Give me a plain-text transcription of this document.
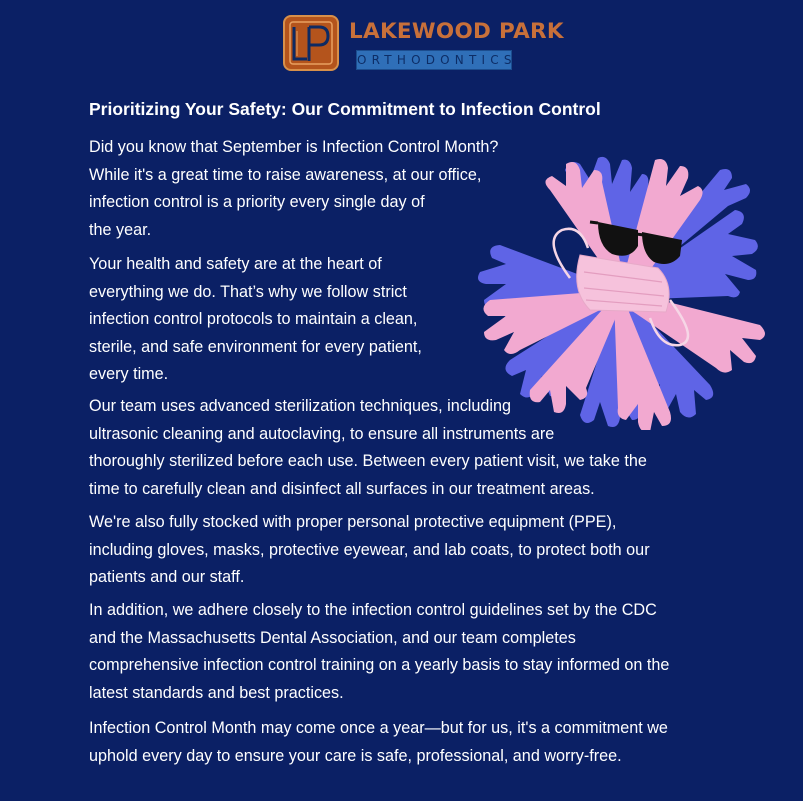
LAKEWOOD PARK
ORTHODONTICS
Prioritizing Your Safety: Our Commitment to Infection Control
Did you know that September is Infection Control Month?
While it's a great time to raise awareness, at our office,
infection control is a priority every single day of
the year.
Your health and safety are at the heart of
everything we do. That’s why we follow strict
infection control protocols to maintain a clean,
sterile, and safe environment for every patient,
every time.
Our team uses advanced sterilization techniques, including
ultrasonic cleaning and autoclaving, to ensure all instruments are
thoroughly sterilized before each use. Between every patient visit, we take the
time to carefully clean and disinfect all surfaces in our treatment areas.
We're also fully stocked with proper personal protective equipment (PPE),
including gloves, masks, protective eyewear, and lab coats, to protect both our
patients and our staff.
In addition, we adhere closely to the infection control guidelines set by the CDC
and the Massachusetts Dental Association, and our team completes
comprehensive infection control training on a yearly basis to stay informed on the
latest standards and best practices.
Infection Control Month may come once a year—but for us, it's a commitment we
uphold every day to ensure your care is safe, professional, and worry-free.
